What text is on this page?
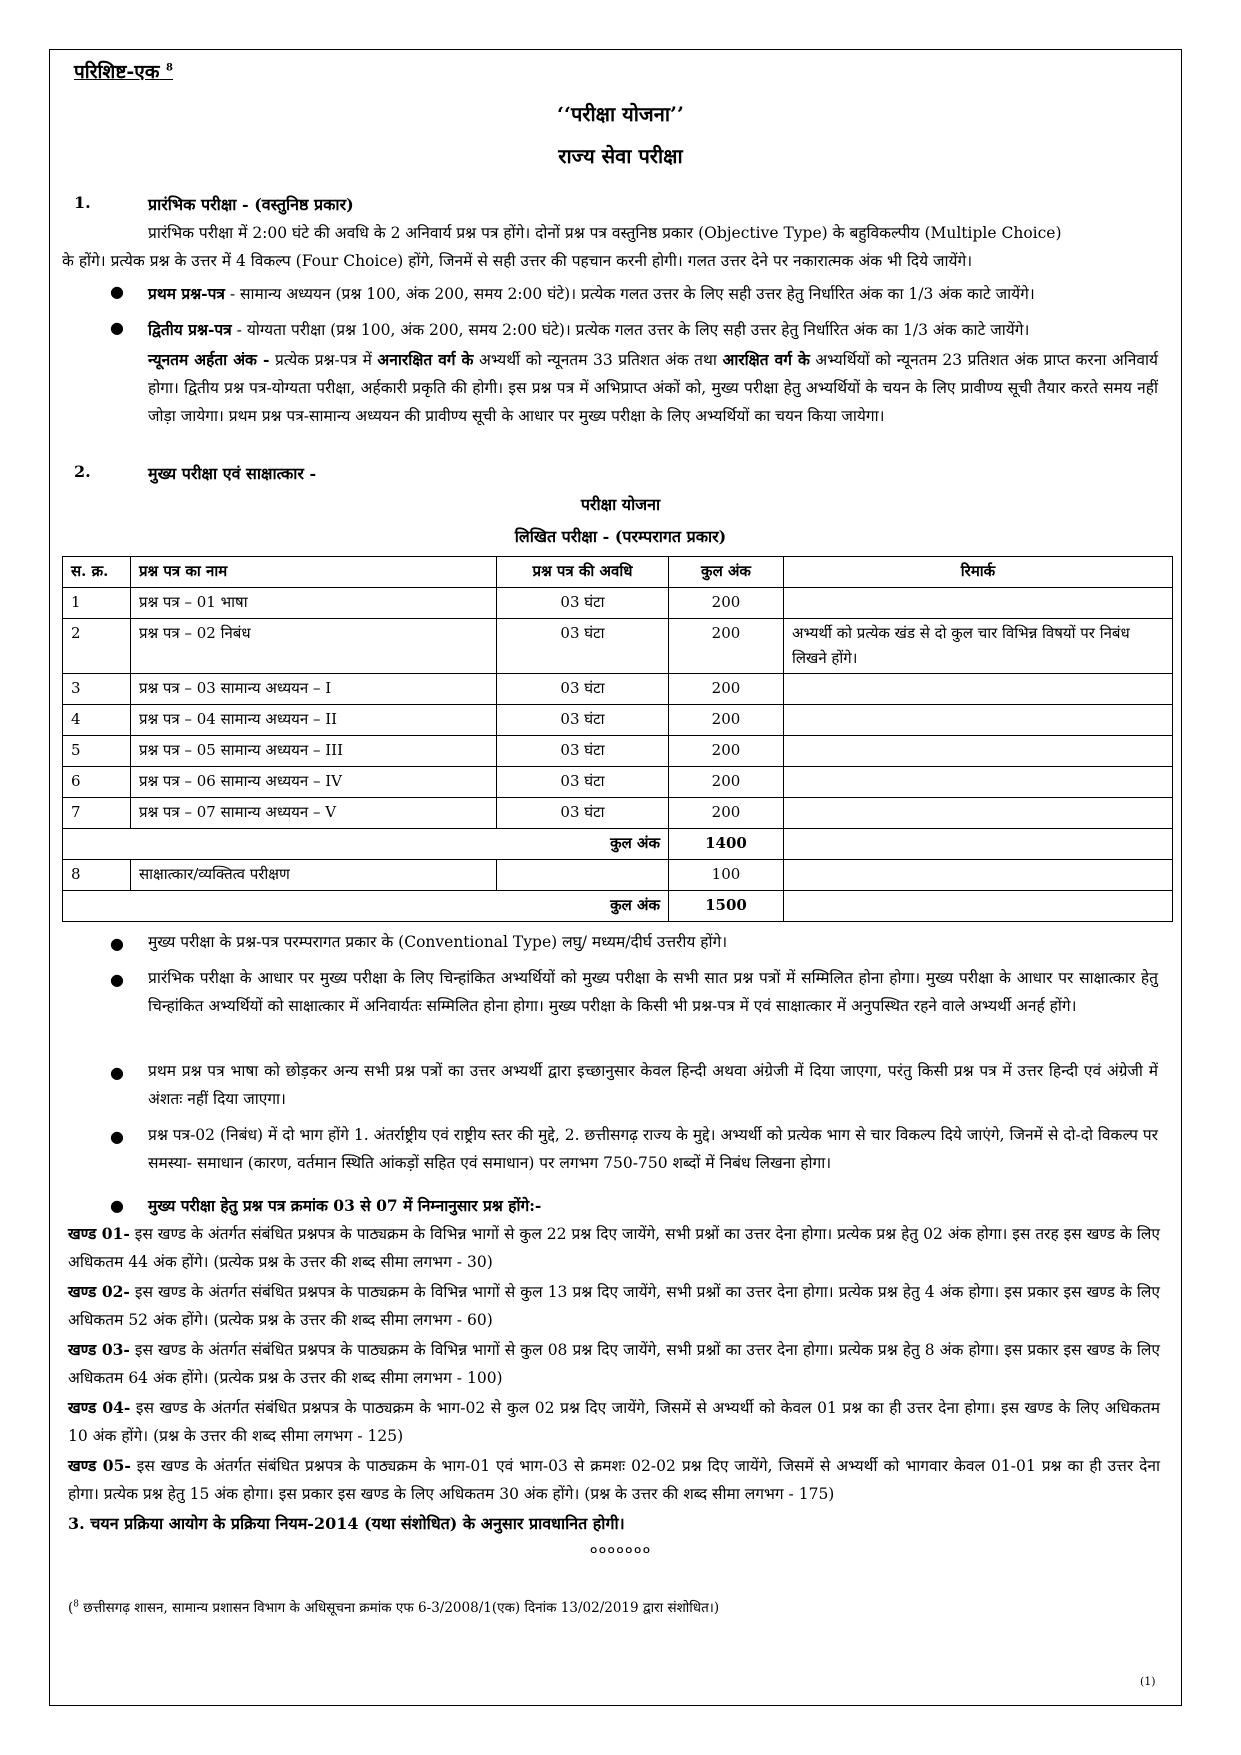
परिशिष्ट-एक $^8$
‘‘परीक्षा योजना’’
राज्य सेवा परीक्षा
1.	प्रारंभिक परीक्षा - (वस्तुनिष्ठ प्रकार)
प्रारंभिक परीक्षा में 2:00 घंटे की अवधि के 2 अनिवार्य प्रश्न पत्र होंगे। दोनों प्रश्न पत्र वस्तुनिष्ठ प्रकार (Objective Type) के बहुविकल्पीय (Multiple Choice)
के होंगे। प्रत्येक प्रश्न के उत्तर में 4 विकल्प (Four Choice) होंगे, जिनमें से सही उत्तर की पहचान करनी होगी। गलत उत्तर देने पर नकारात्मक अंक भी दिये जायेंगे।
● प्रथम प्रश्न-पत्र - सामान्य अध्ययन (प्रश्न 100, अंक 200, समय 2:00 घंटे)। प्रत्येक गलत उत्तर के लिए सही उत्तर हेतु निर्धारित अंक का 1/3 अंक काटे जायेंगे।
● द्वितीय प्रश्न-पत्र - योग्यता परीक्षा (प्रश्न 100, अंक 200, समय 2:00 घंटे)। प्रत्येक गलत उत्तर के लिए सही उत्तर हेतु निर्धारित अंक का 1/3 अंक काटे जायेंगे।
न्यूनतम अर्हता अंक - प्रत्येक प्रश्न-पत्र में अनारक्षित वर्ग के अभ्यर्थी को न्यूनतम 33 प्रतिशत अंक तथा आरक्षित वर्ग के अभ्यर्थियों को न्यूनतम 23 प्रतिशत अंक प्राप्त करना अनिवार्य होगा। द्वितीय प्रश्न पत्र-योग्यता परीक्षा, अर्हकारी प्रकृति की होगी। इस प्रश्न पत्र में अभिप्राप्त अंकों को, मुख्य परीक्षा हेतु अभ्यर्थियों के चयन के लिए प्रावीण्य सूची तैयार करते समय नहीं जोड़ा जायेगा। प्रथम प्रश्न पत्र-सामान्य अध्ययन की प्रावीण्य सूची के आधार पर मुख्य परीक्षा के लिए अभ्यर्थियों का चयन किया जायेगा।
2.	मुख्य परीक्षा एवं साक्षात्कार -
परीक्षा योजना
लिखित परीक्षा - (परम्परागत प्रकार)
स. क्र.	प्रश्न पत्र का नाम	प्रश्न पत्र की अवधि	कुल अंक	रिमार्क
1	प्रश्न पत्र – 01 भाषा	03 घंटा	200	
2	प्रश्न पत्र – 02 निबंध	03 घंटा	200	अभ्यर्थी को प्रत्येक खंड से दो कुल चार विभिन्न विषयों पर निबंध लिखने होंगे।
3	प्रश्न पत्र – 03 सामान्य अध्ययन – I	03 घंटा	200	
4	प्रश्न पत्र – 04 सामान्य अध्ययन – II	03 घंटा	200	
5	प्रश्न पत्र – 05 सामान्य अध्ययन – III	03 घंटा	200	
6	प्रश्न पत्र – 06 सामान्य अध्ययन – IV	03 घंटा	200	
7	प्रश्न पत्र – 07 सामान्य अध्ययन – V	03 घंटा	200	
कुल अंक			1400	
8	साक्षात्कार/व्यक्तित्व परीक्षण		100	
कुल अंक			1500	
● मुख्य परीक्षा के प्रश्न-पत्र परम्परागत प्रकार के (Conventional Type) लघु/ मध्यम/दीर्घ उत्तरीय होंगे।
● प्रारंभिक परीक्षा के आधार पर मुख्य परीक्षा के लिए चिन्हांकित अभ्यर्थियों को मुख्य परीक्षा के सभी सात प्रश्न पत्रों में सम्मिलित होना होगा। मुख्य परीक्षा के आधार पर साक्षात्कार हेतु चिन्हांकित अभ्यर्थियों को साक्षात्कार में अनिवार्यतः सम्मिलित होना होगा। मुख्य परीक्षा के किसी भी प्रश्न-पत्र में एवं साक्षात्कार में अनुपस्थित रहने वाले अभ्यर्थी अनर्ह होंगे।
● प्रथम प्रश्न पत्र भाषा को छोड़कर अन्य सभी प्रश्न पत्रों का उत्तर अभ्यर्थी द्वारा इच्छानुसार केवल हिन्दी अथवा अंग्रेजी में दिया जाएगा, परंतु किसी प्रश्न पत्र में उत्तर हिन्दी एवं अंग्रेजी में अंशतः नहीं दिया जाएगा।
● प्रश्न पत्र-02 (निबंध) में दो भाग होंगे 1. अंतर्राष्ट्रीय एवं राष्ट्रीय स्तर की मुद्दे, 2. छत्तीसगढ़ राज्य के मुद्दे। अभ्यर्थी को प्रत्येक भाग से चार विकल्प दिये जाएंगे, जिनमें से दो-दो विकल्प पर समस्या- समाधान (कारण, वर्तमान स्थिति आंकड़ों सहित एवं समाधान) पर लगभग 750-750 शब्दों में निबंध लिखना होगा।
● मुख्य परीक्षा हेतु प्रश्न पत्र क्रमांक 03 से 07 में निम्नानुसार प्रश्न होंगे:-
खण्ड 01- इस खण्ड के अंतर्गत संबंधित प्रश्नपत्र के पाठ्यक्रम के विभिन्न भागों से कुल 22 प्रश्न दिए जायेंगे, सभी प्रश्नों का उत्तर देना होगा। प्रत्येक प्रश्न हेतु 02 अंक होगा। इस तरह इस खण्ड के लिए अधिकतम 44 अंक होंगे। (प्रत्येक प्रश्न के उत्तर की शब्द सीमा लगभग - 30)
खण्ड 02- इस खण्ड के अंतर्गत संबंधित प्रश्नपत्र के पाठ्यक्रम के विभिन्न भागों से कुल 13 प्रश्न दिए जायेंगे, सभी प्रश्नों का उत्तर देना होगा। प्रत्येक प्रश्न हेतु 4 अंक होगा। इस प्रकार इस खण्ड के लिए अधिकतम 52 अंक होंगे। (प्रत्येक प्रश्न के उत्तर की शब्द सीमा लगभग - 60)
खण्ड 03- इस खण्ड के अंतर्गत संबंधित प्रश्नपत्र के पाठ्यक्रम के विभिन्न भागों से कुल 08 प्रश्न दिए जायेंगे, सभी प्रश्नों का उत्तर देना होगा। प्रत्येक प्रश्न हेतु 8 अंक होगा। इस प्रकार इस खण्ड के लिए अधिकतम 64 अंक होंगे। (प्रत्येक प्रश्न के उत्तर की शब्द सीमा लगभग - 100)
खण्ड 04- इस खण्ड के अंतर्गत संबंधित प्रश्नपत्र के पाठ्यक्रम के भाग-02 से कुल 02 प्रश्न दिए जायेंगे, जिसमें से अभ्यर्थी को केवल 01 प्रश्न का ही उत्तर देना होगा। इस खण्ड के लिए अधिकतम 10 अंक होंगे। (प्रश्न के उत्तर की शब्द सीमा लगभग - 125)
खण्ड 05- इस खण्ड के अंतर्गत संबंधित प्रश्नपत्र के पाठ्यक्रम के भाग-01 एवं भाग-03 से क्रमशः 02-02 प्रश्न दिए जायेंगे, जिसमें से अभ्यर्थी को भागवार केवल 01-01 प्रश्न का ही उत्तर देना होगा। प्रत्येक प्रश्न हेतु 15 अंक होगा। इस प्रकार इस खण्ड के लिए अधिकतम 30 अंक होंगे। (प्रश्न के उत्तर की शब्द सीमा लगभग - 175)
3. चयन प्रक्रिया आयोग के प्रक्रिया नियम-2014 (यथा संशोधित) के अनुसार प्रावधानित होगी।
०००००००
($^8$ छत्तीसगढ़ शासन, सामान्य प्रशासन विभाग के अधिसूचना क्रमांक एफ 6-3/2008/1(एक) दिनांक 13/02/2019 द्वारा संशोधित।)
(1)
